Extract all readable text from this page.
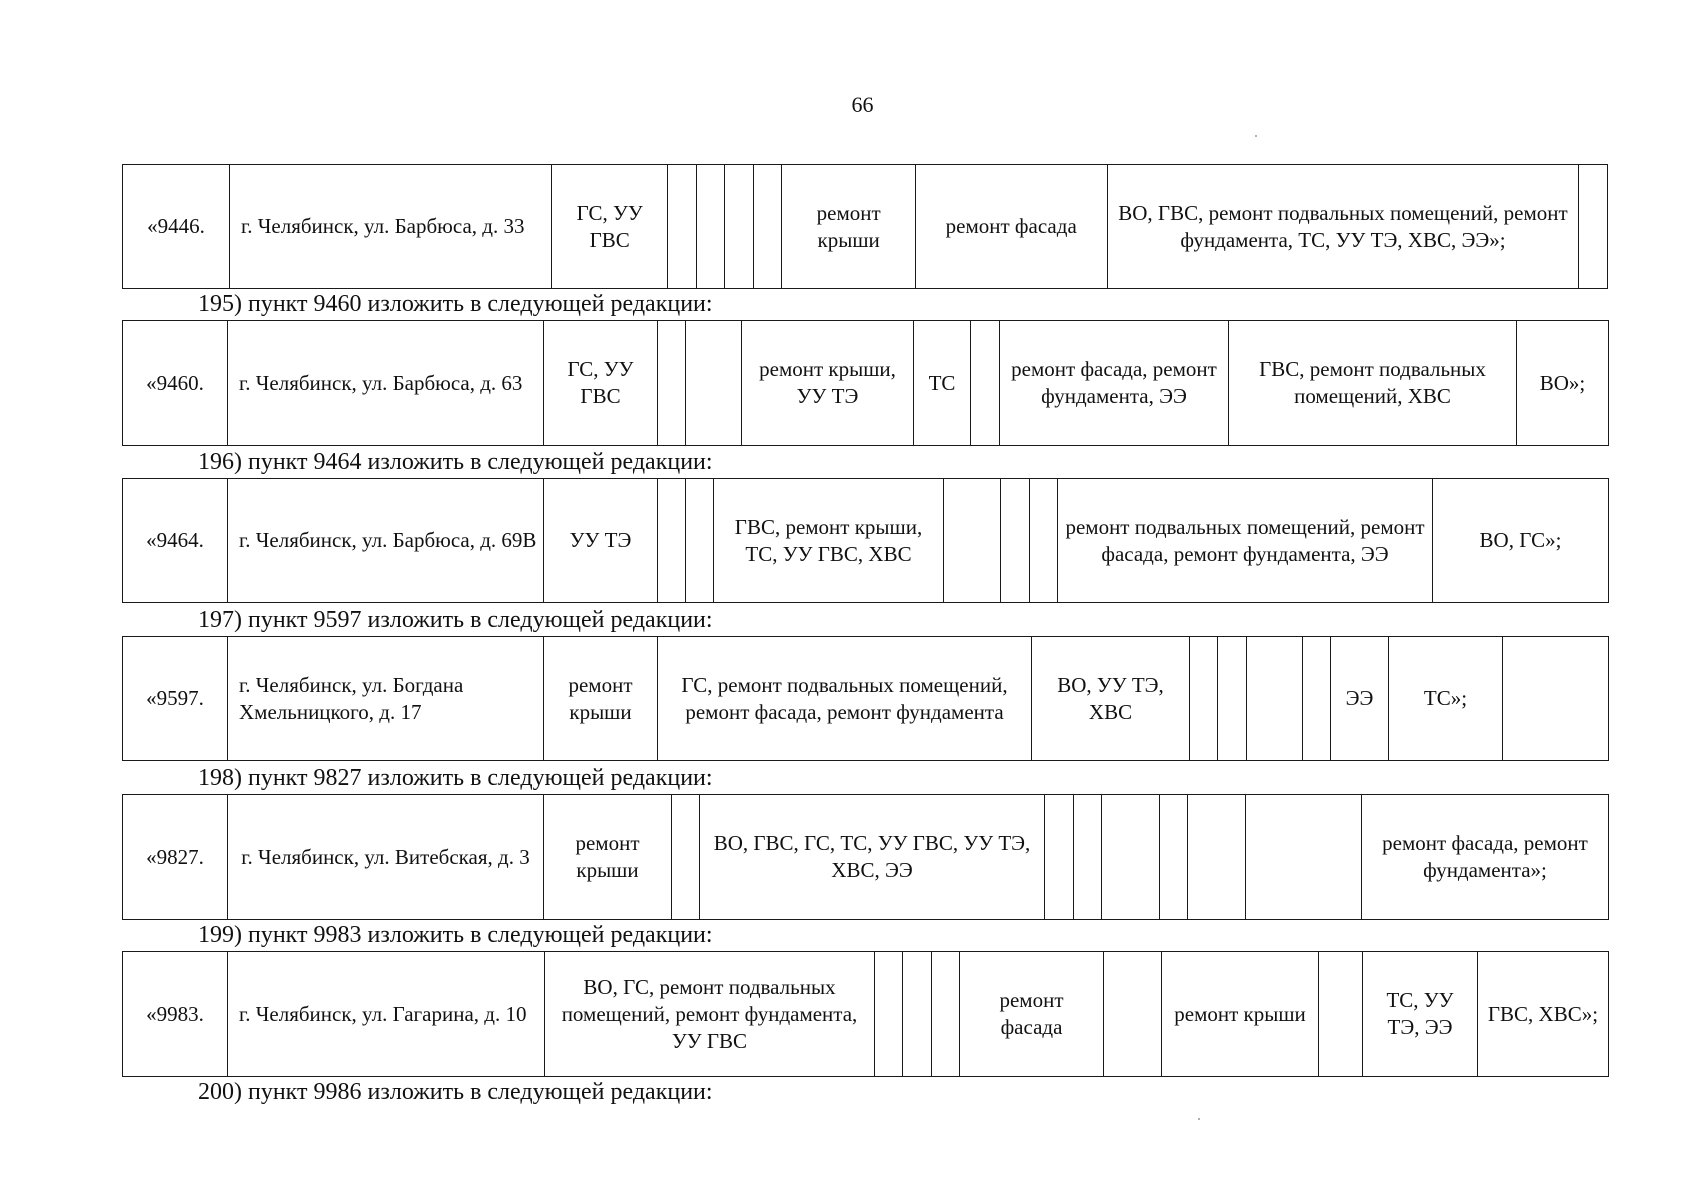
66
«9446.	г. Челябинск, ул. Барбюса, д. 33	ГС, УУ ГВС					ремонт крыши	ремонт фасада	ВО, ГВС, ремонт подвальных помещений, ремонт фундамента, ТС, УУ ТЭ, ХВС, ЭЭ»;	
195) пункт 9460 изложить в следующей редакции:
«9460.	г. Челябинск, ул. Барбюса, д. 63	ГС, УУ ГВС			ремонт крыши, УУ ТЭ	ТС		ремонт фасада, ремонт фундамента, ЭЭ	ГВС, ремонт подвальных помещений, ХВС	ВО»;
196) пункт 9464 изложить в следующей редакции:
«9464.	г. Челябинск, ул. Барбюса, д. 69В	УУ ТЭ			ГВС, ремонт крыши, ТС, УУ ГВС, ХВС				ремонт подвальных помещений, ремонт фасада, ремонт фундамента, ЭЭ	ВО, ГС»;
197) пункт 9597 изложить в следующей редакции:
«9597.	г. Челябинск, ул. Богдана Хмельницкого, д. 17	ремонт крыши	ГС, ремонт подвальных помещений, ремонт фасада, ремонт фундамента	ВО, УУ ТЭ, ХВС					ЭЭ	ТС»;	
198) пункт 9827 изложить в следующей редакции:
«9827.	г. Челябинск, ул. Витебская, д. 3	ремонт крыши		ВО, ГВС, ГС, ТС, УУ ГВС, УУ ТЭ, ХВС, ЭЭ							ремонт фасада, ремонт фундамента»;
199) пункт 9983 изложить в следующей редакции:
«9983.	г. Челябинск, ул. Гагарина, д. 10	ВО, ГС, ремонт подвальных помещений, ремонт фундамента, УУ ГВС				ремонт фасада		ремонт крыши		ТС, УУ ТЭ, ЭЭ	ГВС, ХВС»;
200) пункт 9986 изложить в следующей редакции:
